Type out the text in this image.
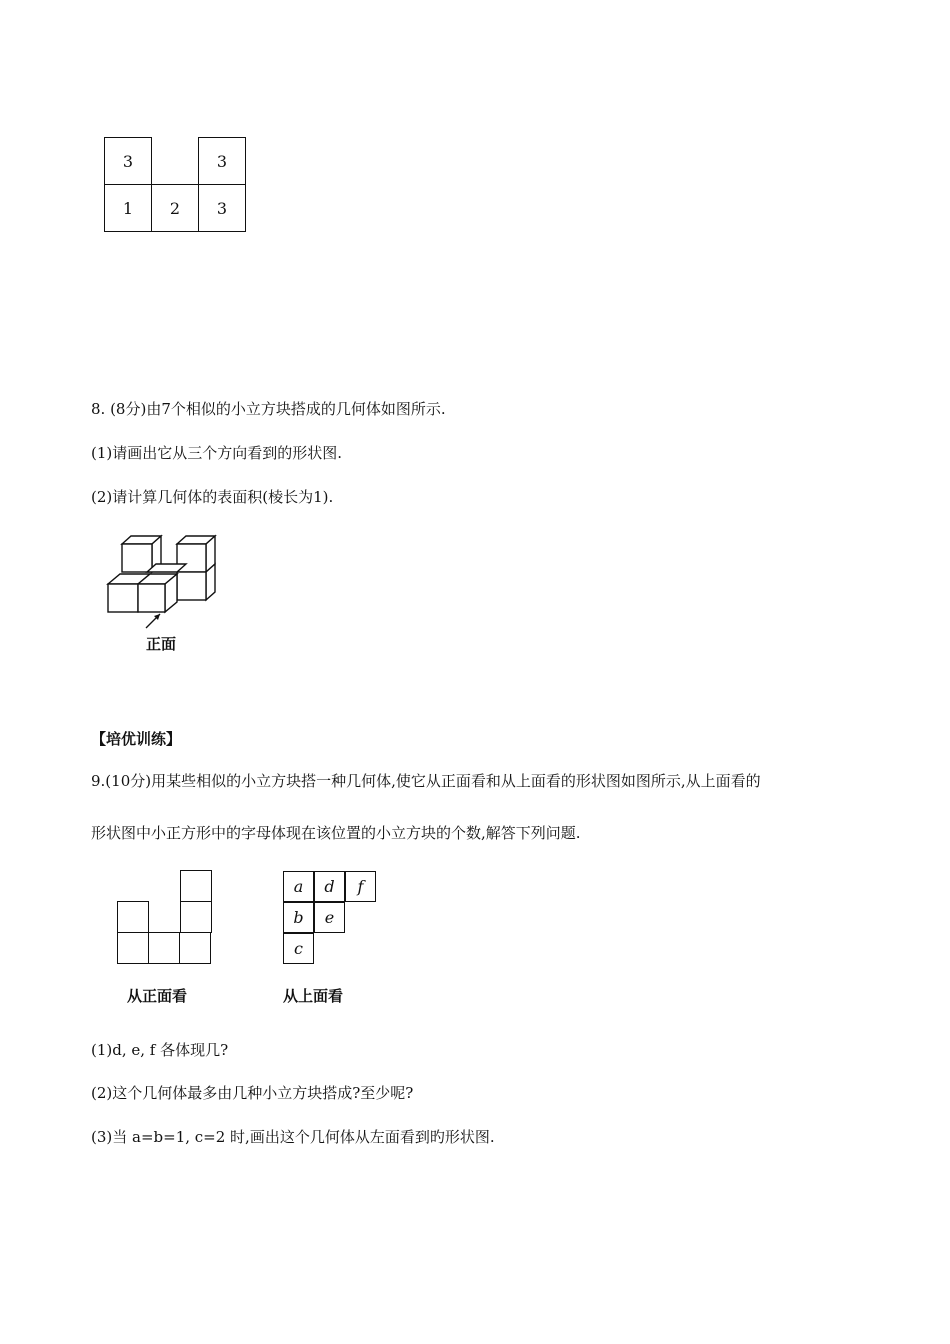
3		3
1	2	3
8. (8分)由7个相似的小立方块搭成的几何体如图所示.
(1)请画出它从三个方向看到的形状图.
(2)请计算几何体的表面积(棱长为1).
正面
【培优训练】
9.(10分)用某些相似的小立方块搭一种几何体,使它从正面看和从上面看的形状图如图所示,从上面看的
形状图中小正方形中的字母体现在该位置的小立方块的个数,解答下列问题.
从正面看
a	d	f
b	e
c
从上面看
(1)d, e, f 各体现几?
(2)这个几何体最多由几种小立方块搭成?至少呢?
(3)当 a=b=1, c=2 时,画出这个几何体从左面看到旳形状图.
